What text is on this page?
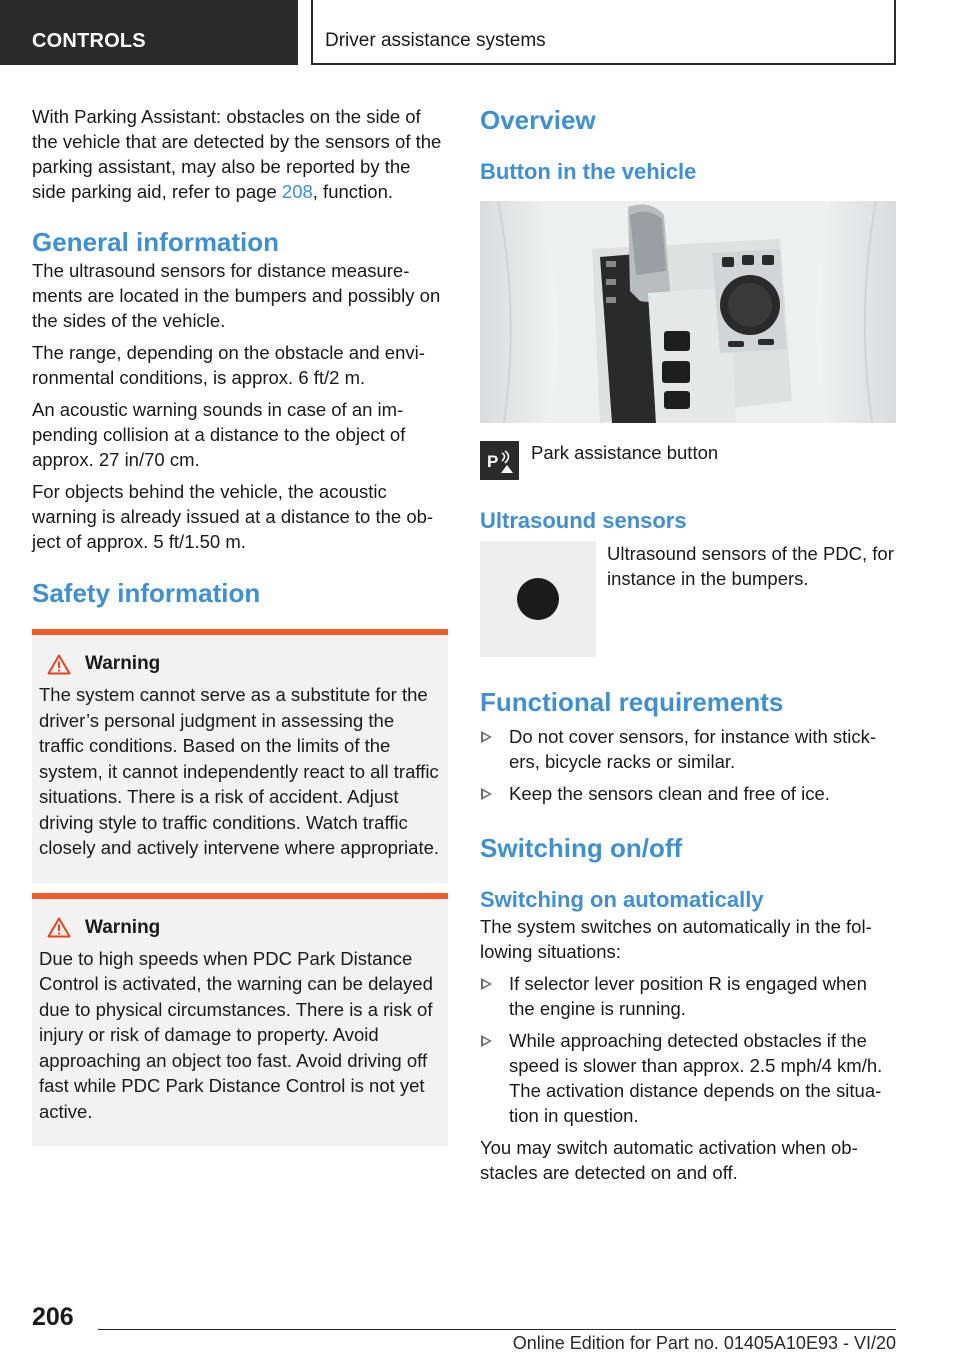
CONTROLS	Driver assistance systems

With Parking Assistant: obstacles on the side of the vehicle that are detected by the sensors of the parking assistant, may also be reported by the side parking aid, refer to page 208, function.

General information

The ultrasound sensors for distance measurements are located in the bumpers and possibly on the sides of the vehicle.

The range, depending on the obstacle and environmental conditions, is approx. 6 ft/2 m.

An acoustic warning sounds in case of an impending collision at a distance to the object of approx. 27 in/70 cm.

For objects behind the vehicle, the acoustic warning is already issued at a distance to the object of approx. 5 ft/1.50 m.

Safety information
Warning

The system cannot serve as a substitute for the driver’s personal judgment in assessing the traffic conditions. Based on the limits of the system, it cannot independently react to all traffic situations. There is a risk of accident. Adjust driving style to traffic conditions. Watch traffic closely and actively intervene where appropriate.

Warning

Due to high speeds when PDC Park Distance Control is activated, the warning can be delayed due to physical circumstances. There is a risk of injury or risk of damage to property. Avoid approaching an object too fast. Avoid driving off fast while PDC Park Distance Control is not yet active.

Overview
Button in the vehicle
P Park assistance button
Ultrasound sensors

Ultrasound sensors of the PDC, for instance in the bumpers.

Functional requirements
Do not cover sensors, for instance with stickers, bicycle racks or similar.
Keep the sensors clean and free of ice.
Switching on/off
Switching on automatically

The system switches on automatically in the following situations:

If selector lever position R is engaged when the engine is running.
While approaching detected obstacles if the speed is slower than approx. 2.5 mph/4 km/h. The activation distance depends on the situation in question.

You may switch automatic activation when obstacles are detected on and off.

206
Online Edition for Part no. 01405A10E93 - VI/20
